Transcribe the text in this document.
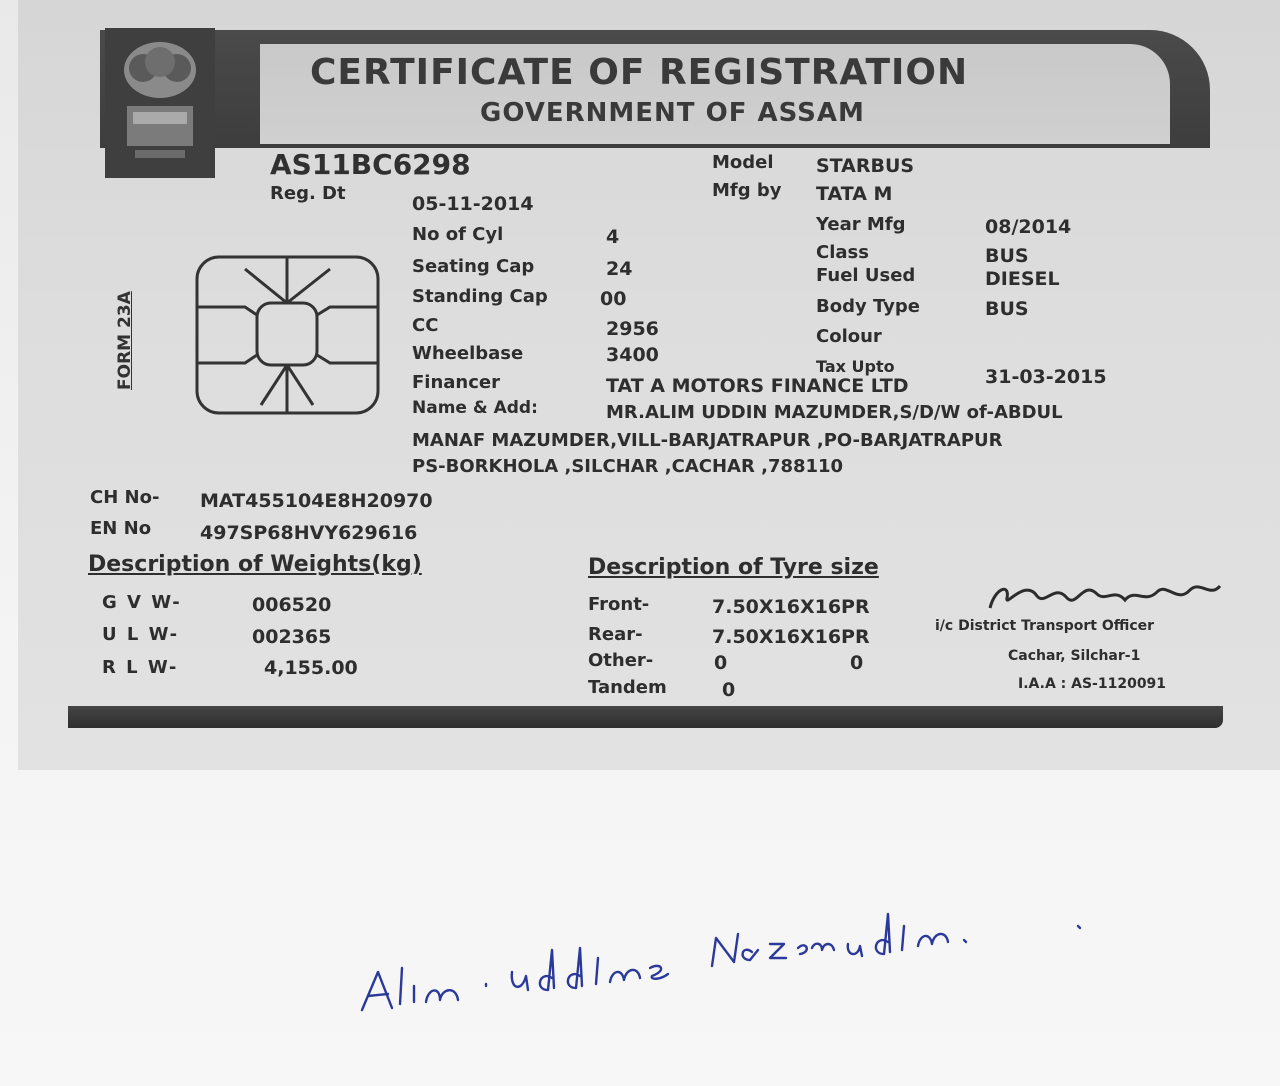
CERTIFICATE OF REGISTRATION
GOVERNMENT OF ASSAM
FORM 23A
AS11BC6298
Reg. Dt	05-11-2014
No of Cyl	4
Seating Cap	24
Standing Cap	00
CC	2956
Wheelbase	3400
Financer	TAT A MOTORS FINANCE LTD
Model STARBUS
Mfg by TATA M
Year Mfg	08/2014
Class	BUS
Fuel Used	DIESEL
Body Type	BUS
Colour
Tax Upto	31-03-2015
Name & Add:	MR.ALIM UDDIN MAZUMDER,S/D/W of-ABDUL
MANAF MAZUMDER,VILL-BARJATRAPUR ,PO-BARJATRAPUR
PS-BORKHOLA ,SILCHAR ,CACHAR ,788110
CH No- MAT455104E8H20970
EN No	497SP68HVY629616
Description of Weights(kg)
G V W-	006520
U L W-	002365
R L W-	4,155.00
Description of Tyre size
Front-	7.50X16X16PR
Rear-	7.50X16X16PR
Other-	0	0
Tandem	0
i/c District Transport Officer
Cachar, Silchar-1
I.A.A : AS-1120091
